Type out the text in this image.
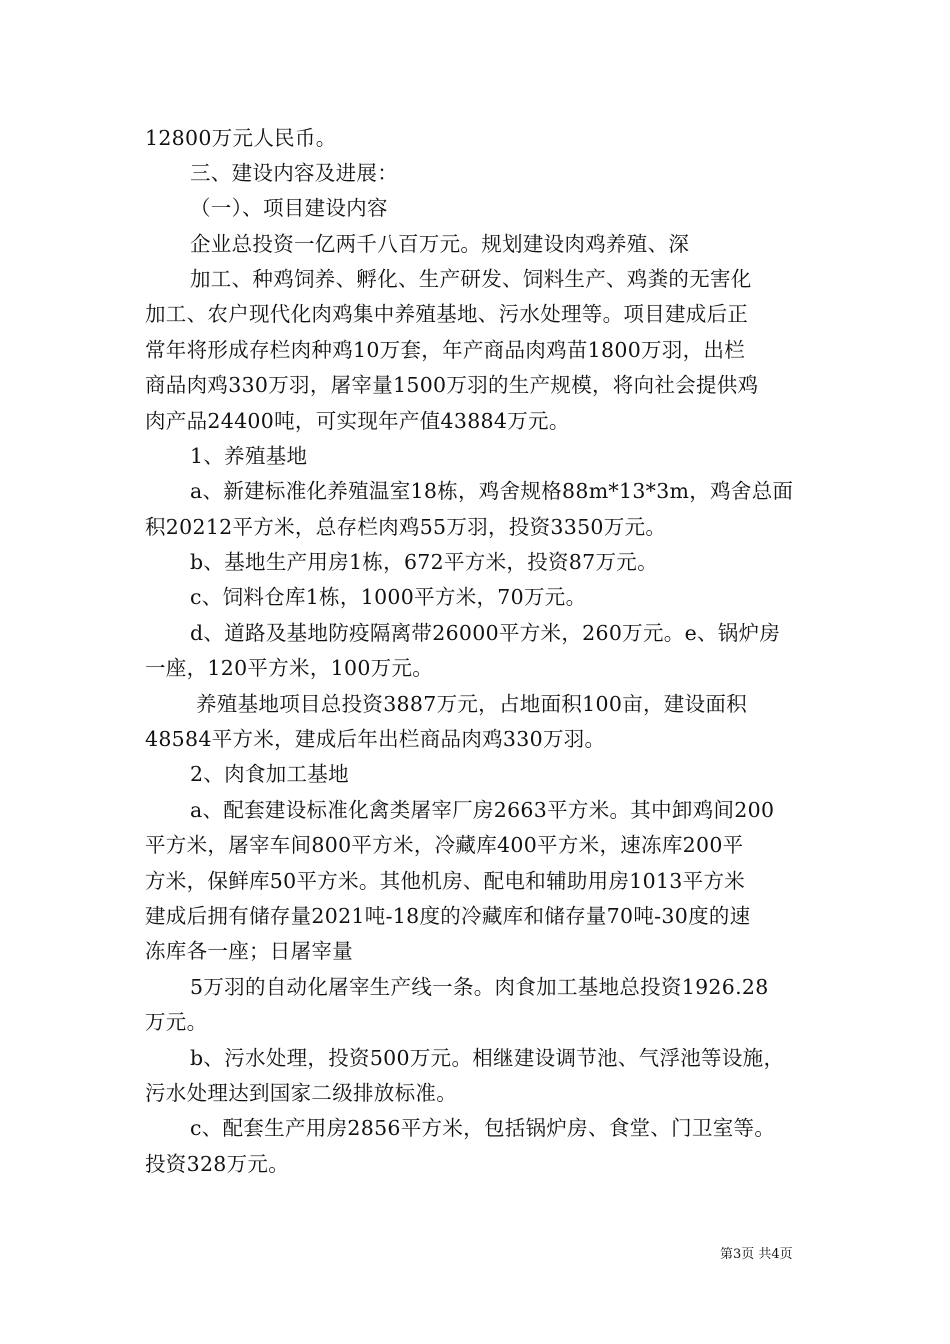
12800万元人民币。
三、建设内容及进展：
（一）、项目建设内容
企业总投资一亿两千八百万元。规划建设肉鸡养殖、深
加工、种鸡饲养、孵化、生产研发、饲料生产、鸡粪的无害化
加工、农户现代化肉鸡集中养殖基地、污水处理等。项目建成后正
常年将形成存栏肉种鸡10万套，年产商品肉鸡苗1800万羽，出栏
商品肉鸡330万羽，屠宰量1500万羽的生产规模，将向社会提供鸡
肉产品24400吨，可实现年产值43884万元。
1、养殖基地
a、新建标准化养殖温室18栋，鸡舍规格88m*13*3m，鸡舍总面
积20212平方米，总存栏肉鸡55万羽，投资3350万元。
b、基地生产用房1栋，672平方米，投资87万元。
c、饲料仓库1栋，1000平方米，70万元。
d、道路及基地防疫隔离带26000平方米，260万元。e、锅炉房
一座，120平方米，100万元。
养殖基地项目总投资3887万元，占地面积100亩，建设面积
48584平方米，建成后年出栏商品肉鸡330万羽。
2、肉食加工基地
a、配套建设标准化禽类屠宰厂房2663平方米。其中卸鸡间200
平方米，屠宰车间800平方米，冷藏库400平方米，速冻库200平
方米，保鲜库50平方米。其他机房、配电和辅助用房1013平方米
建成后拥有储存量2021吨-18度的冷藏库和储存量70吨-30度的速
冻库各一座；日屠宰量
5万羽的自动化屠宰生产线一条。肉食加工基地总投资1926.28
万元。
b、污水处理，投资500万元。相继建设调节池、气浮池等设施，
污水处理达到国家二级排放标准。
c、配套生产用房2856平方米，包括锅炉房、食堂、门卫室等。
投资328万元。
第3页 共4页
